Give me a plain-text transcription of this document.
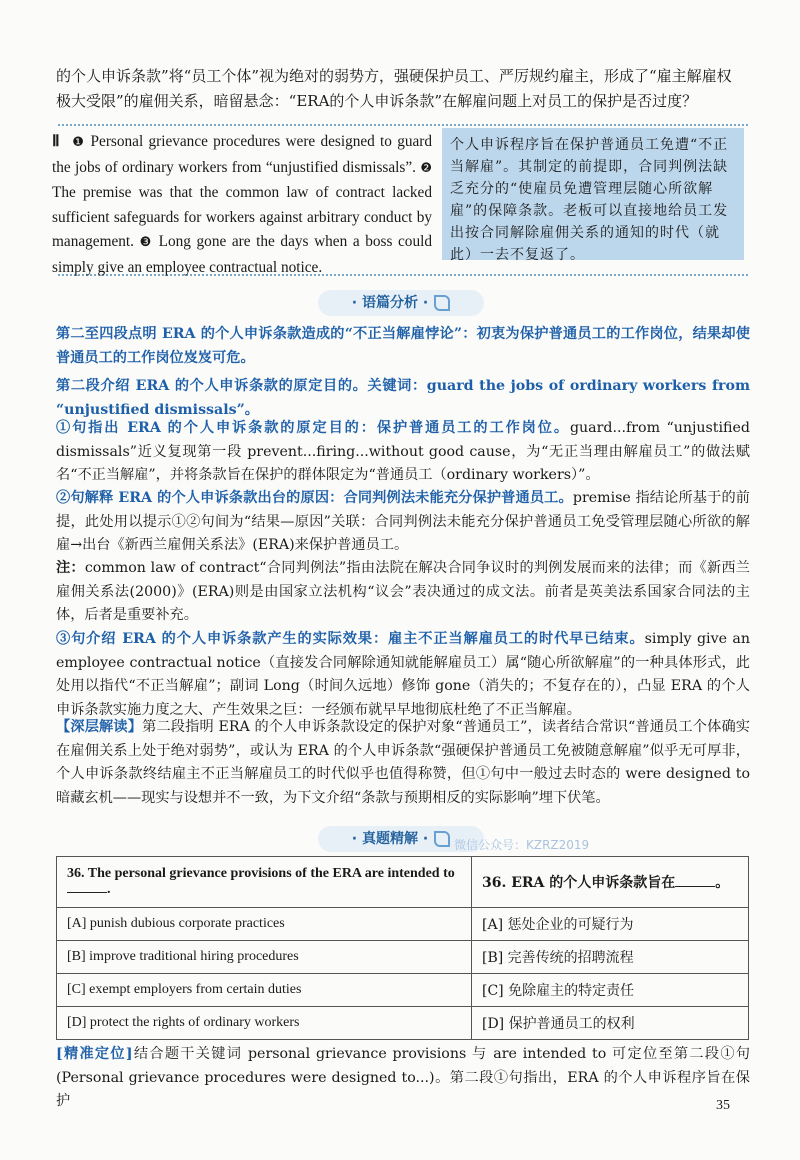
的个人申诉条款”将“员工个体”视为绝对的弱势方，强硬保护员工、严厉规约雇主，形成了“雇主解雇权极大受限”的雇佣关系，暗留悬念：“ERA的个人申诉条款”在解雇问题上对员工的保护是否过度？
Ⅱ ❶ Personal grievance procedures were designed to guard the jobs of ordinary workers from “unjustified dismissals”. ❷ The premise was that the common law of contract lacked sufficient safeguards for workers against arbitrary conduct by management. ❸ Long gone are the days when a boss could simply give an employee contractual notice.
个人申诉程序旨在保护普通员工免遭“不正当解雇”。其制定的前提即，合同判例法缺乏充分的“使雇员免遭管理层随心所欲解雇”的保障条款。老板可以直接地给员工发出按合同解除雇佣关系的通知的时代（就此）一去不复返了。
· 语篇分析 ·
第二至四段点明 ERA 的个人申诉条款造成的“不正当解雇悖论”：初衷为保护普通员工的工作岗位，结果却使普通员工的工作岗位岌岌可危。
第二段介绍 ERA 的个人申诉条款的原定目的。关键词：guard the jobs of ordinary workers from “unjustified dismissals”。
①句指出 ERA 的个人申诉条款的原定目的：保护普通员工的工作岗位。guard...from “unjustified dismissals”近义复现第一段 prevent...firing...without good cause，为“无正当理由解雇员工”的做法赋名“不正当解雇”，并将条款旨在保护的群体限定为“普通员工（ordinary workers）”。
②句解释 ERA 的个人申诉条款出台的原因：合同判例法未能充分保护普通员工。premise 指结论所基于的前提，此处用以提示①②句间为“结果—原因”关联：合同判例法未能充分保护普通员工免受管理层随心所欲的解雇→出台《新西兰雇佣关系法》(ERA)来保护普通员工。
注：common law of contract“合同判例法”指由法院在解决合同争议时的判例发展而来的法律；而《新西兰雇佣关系法(2000)》(ERA)则是由国家立法机构“议会”表决通过的成文法。前者是英美法系国家合同法的主体，后者是重要补充。
③句介绍 ERA 的个人申诉条款产生的实际效果：雇主不正当解雇员工的时代早已结束。simply give an employee contractual notice（直接发合同解除通知就能解雇员工）属“随心所欲解雇”的一种具体形式，此处用以指代“不正当解雇”；副词 Long（时间久远地）修饰 gone（消失的；不复存在的），凸显 ERA 的个人申诉条款实施力度之大、产生效果之巨：一经颁布就早早地彻底杜绝了不正当解雇。
【深层解读】第二段指明 ERA 的个人申诉条款设定的保护对象“普通员工”，读者结合常识“普通员工个体确实在雇佣关系上处于绝对弱势”，或认为 ERA 的个人申诉条款“强硬保护普通员工免被随意解雇”似乎无可厚非，个人申诉条款终结雇主不正当解雇员工的时代似乎也值得称赞，但①句中一般过去时态的 were designed to 暗藏玄机——现实与设想并不一致，为下文介绍“条款与预期相反的实际影响”埋下伏笔。
· 真题精解 ·	微信公众号：KZRZ2019
36. The personal grievance provisions of the ERA are intended to .	36. ERA 的个人申诉条款旨在 。
[A] punish dubious corporate practices	[A] 惩处企业的可疑行为
[B] improve traditional hiring procedures	[B] 完善传统的招聘流程
[C] exempt employers from certain duties	[C] 免除雇主的特定责任
[D] protect the rights of ordinary workers	[D] 保护普通员工的权利
[精准定位]结合题干关键词 personal grievance provisions 与 are intended to 可定位至第二段①句(Personal grievance procedures were designed to...)。第二段①句指出，ERA 的个人申诉程序旨在保护	35
